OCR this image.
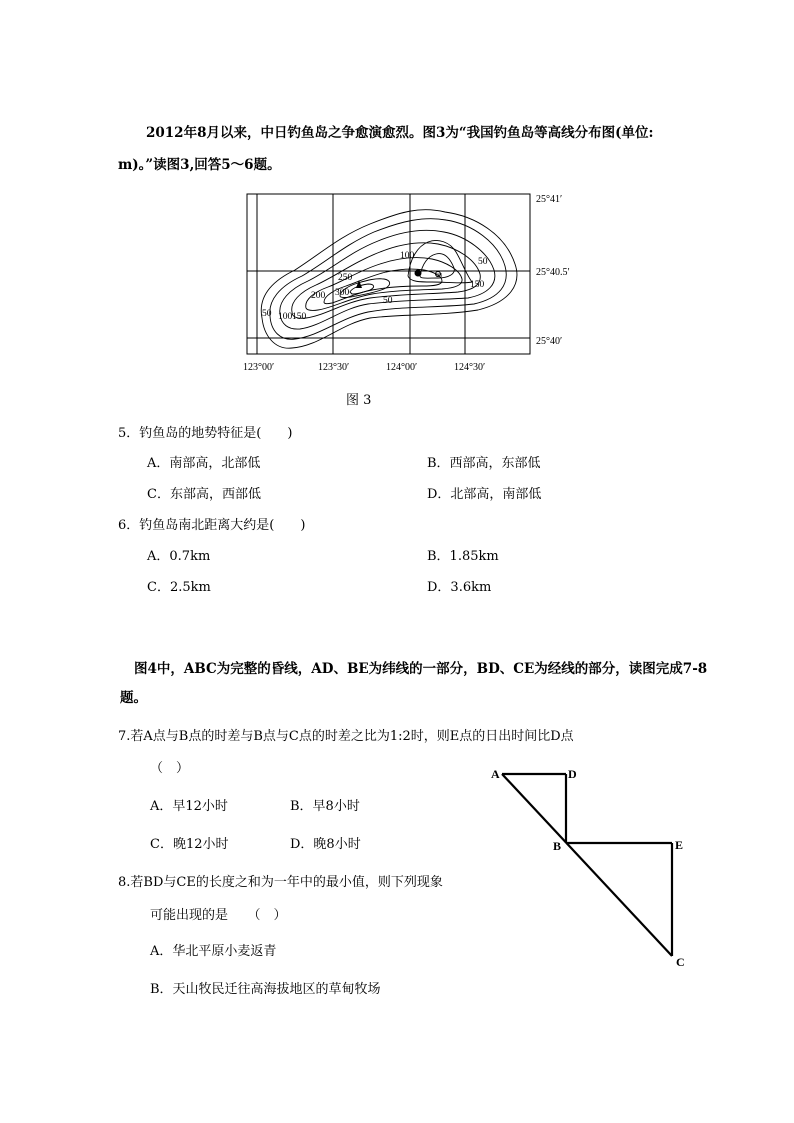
2012年8月以来，中日钓鱼岛之争愈演愈烈。图3为“我国钓鱼岛等高线分布图(单位:
m)。”读图3,回答5～6题。
50 100 150
200
250
300
50
100
50
150
98
25°41′
25°40.5′
25°40′
123°00′	123°30′	124°00′	124°30′
图 3
5．钓鱼岛的地势特征是(　　)
A．南部高，北部低	B．西部高，东部低
C．东部高，西部低	D．北部高，南部低
6．钓鱼岛南北距离大约是(　　)
A．0.7km	B．1.85km
C．2.5km	D．3.6km
图4中，ABC为完整的昏线，AD、BE为纬线的一部分，BD、CE为经线的部分，读图完成7-8
题。
7.若A点与B点的时差与B点与C点的时差之比为1:2时，则E点的日出时间比D点
（　）
A．早12小时	B．早8小时
C．晚12小时	D．晚8小时
8.若BD与CE的长度之和为一年中的最小值，则下列现象
可能出现的是　　（　）
A．华北平原小麦返青
B．天山牧民迁往高海拔地区的草甸牧场
A	D
B	E
C
